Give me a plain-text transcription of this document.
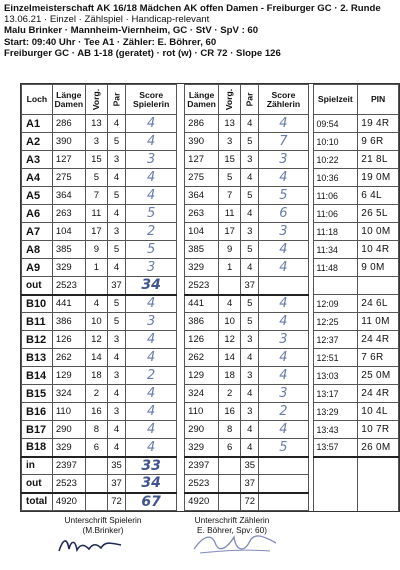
Einzelmeisterschaft AK 16/18 Mädchen AK offen Damen - Freiburger GC · 2. Runde
13.06.21 · Einzel · Zählspiel · Handicap-relevant
Malu Brinker · Mannheim-Viernheim, GC · StV · SpV : 60
Start: 09:40 Uhr · Tee A1 · Zähler: E. Böhrer, 60
Freiburger GC · AB 1-18 (geratet) · rot (w) · CR 72 · Slope 126
Loch	Länge Damen	Vorg.	Par	Score Spielerin		Länge Damen	Vorg.	Par	Score Zählerin		Spielzeit	PIN
A1	286	13	4	4		286	13	4	4		09:54	19 4R
A2	390	3	5	4		390	3	5	7		10:10	9 6R
A3	127	15	3	3		127	15	3	3		10:22	21 8L
A4	275	5	4	4		275	5	4	4		10:36	19 0M
A5	364	7	5	4		364	7	5	5		11:06	6 4L
A6	263	11	4	5		263	11	4	6		11:06	26 5L
A7	104	17	3	2		104	17	3	3		11:18	10 0M
A8	385	9	5	5		385	9	5	4		11:34	10 4R
A9	329	1	4	3		329	1	4	4		11:48	9 0M
out	2523		37	34		2523		37				
B10	441	4	5	4		441	4	5	4		12:09	24 6L
B11	386	10	5	3		386	10	5	4		12:25	11 0M
B12	126	12	3	4		126	12	3	3		12:37	24 4R
B13	262	14	4	4		262	14	4	4		12:51	7 6R
B14	129	18	3	2		129	18	3	4		13:03	25 0M
B15	324	2	4	4		324	2	4	3		13:17	24 4R
B16	110	16	3	4		110	16	3	2		13:29	10 4L
B17	290	8	4	4		290	8	4	4		13:43	10 7R
B18	329	6	4	4		329	6	4	5		13:57	26 0M
in	2397		35	33		2397		35				
out	2523		37	34		2523		37				
total	4920		72	67		4920		72				
Unterschrift Spielerin
(M.Brinker)
Unterschrift Zählerin
E. Böhrer, Spv: 60)
